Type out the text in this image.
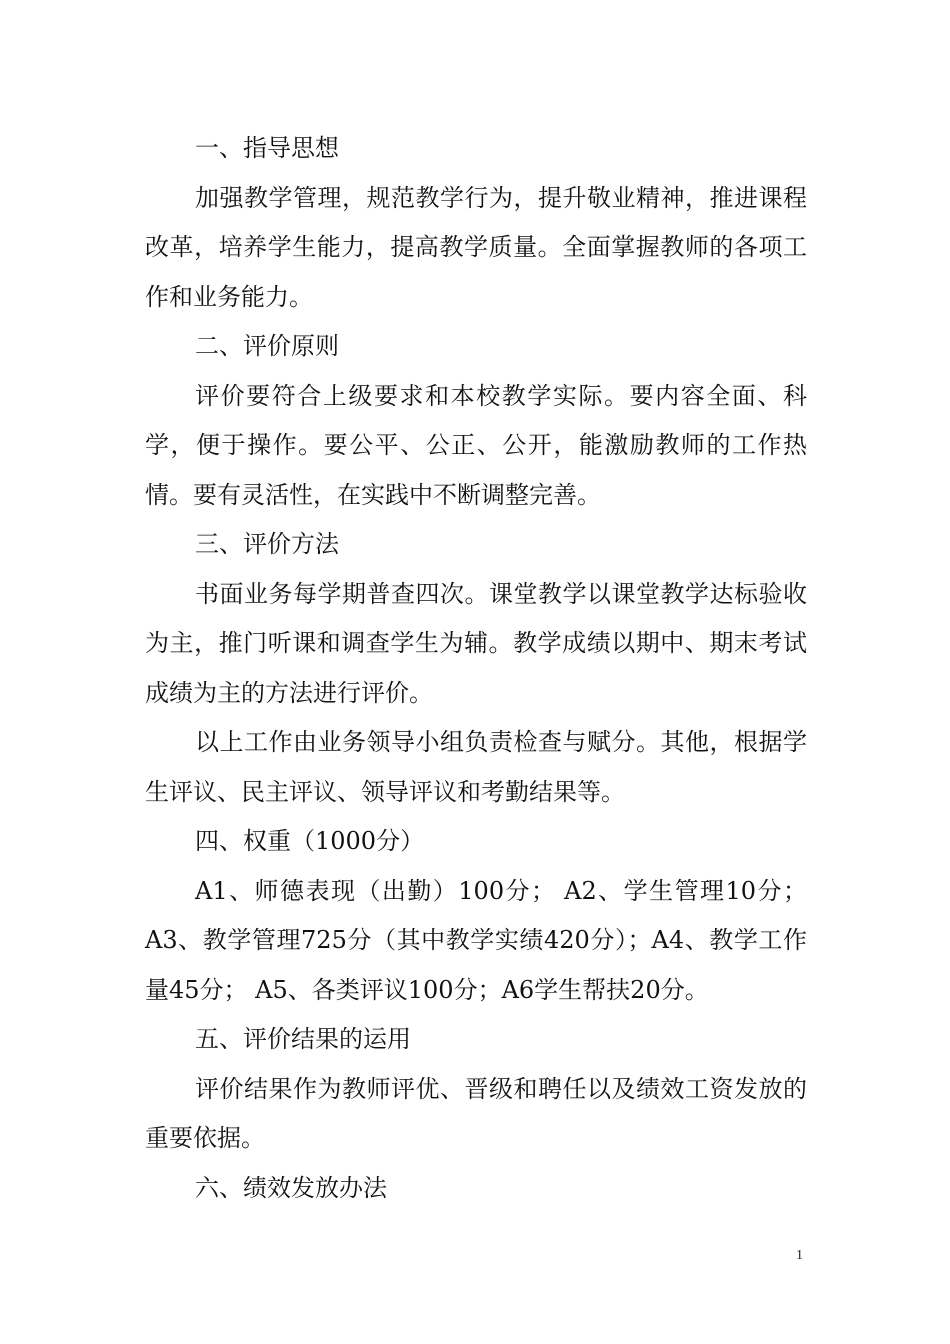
一、指导思想

加强教学管理，规范教学行为，提升敬业精神，推进课程改革，培养学生能力，提高教学质量。全面掌握教师的各项工作和业务能力。

二、评价原则

评价要符合上级要求和本校教学实际。要内容全面、科学，便于操作。要公平、公正、公开，能激励教师的工作热情。要有灵活性，在实践中不断调整完善。

三、评价方法

书面业务每学期普查四次。课堂教学以课堂教学达标验收为主，推门听课和调查学生为辅。教学成绩以期中、期末考试成绩为主的方法进行评价。

以上工作由业务领导小组负责检查与赋分。其他，根据学生评议、民主评议、领导评议和考勤结果等。

四、权重（1000分）

A1、师德表现（出勤）100分； A2、学生管理10分；A3、教学管理725分（其中教学实绩420分）；A4、教学工作量45分； A5、各类评议100分；A6学生帮扶20分。

五、评价结果的运用

评价结果作为教师评优、晋级和聘任以及绩效工资发放的重要依据。

六、绩效发放办法

1
